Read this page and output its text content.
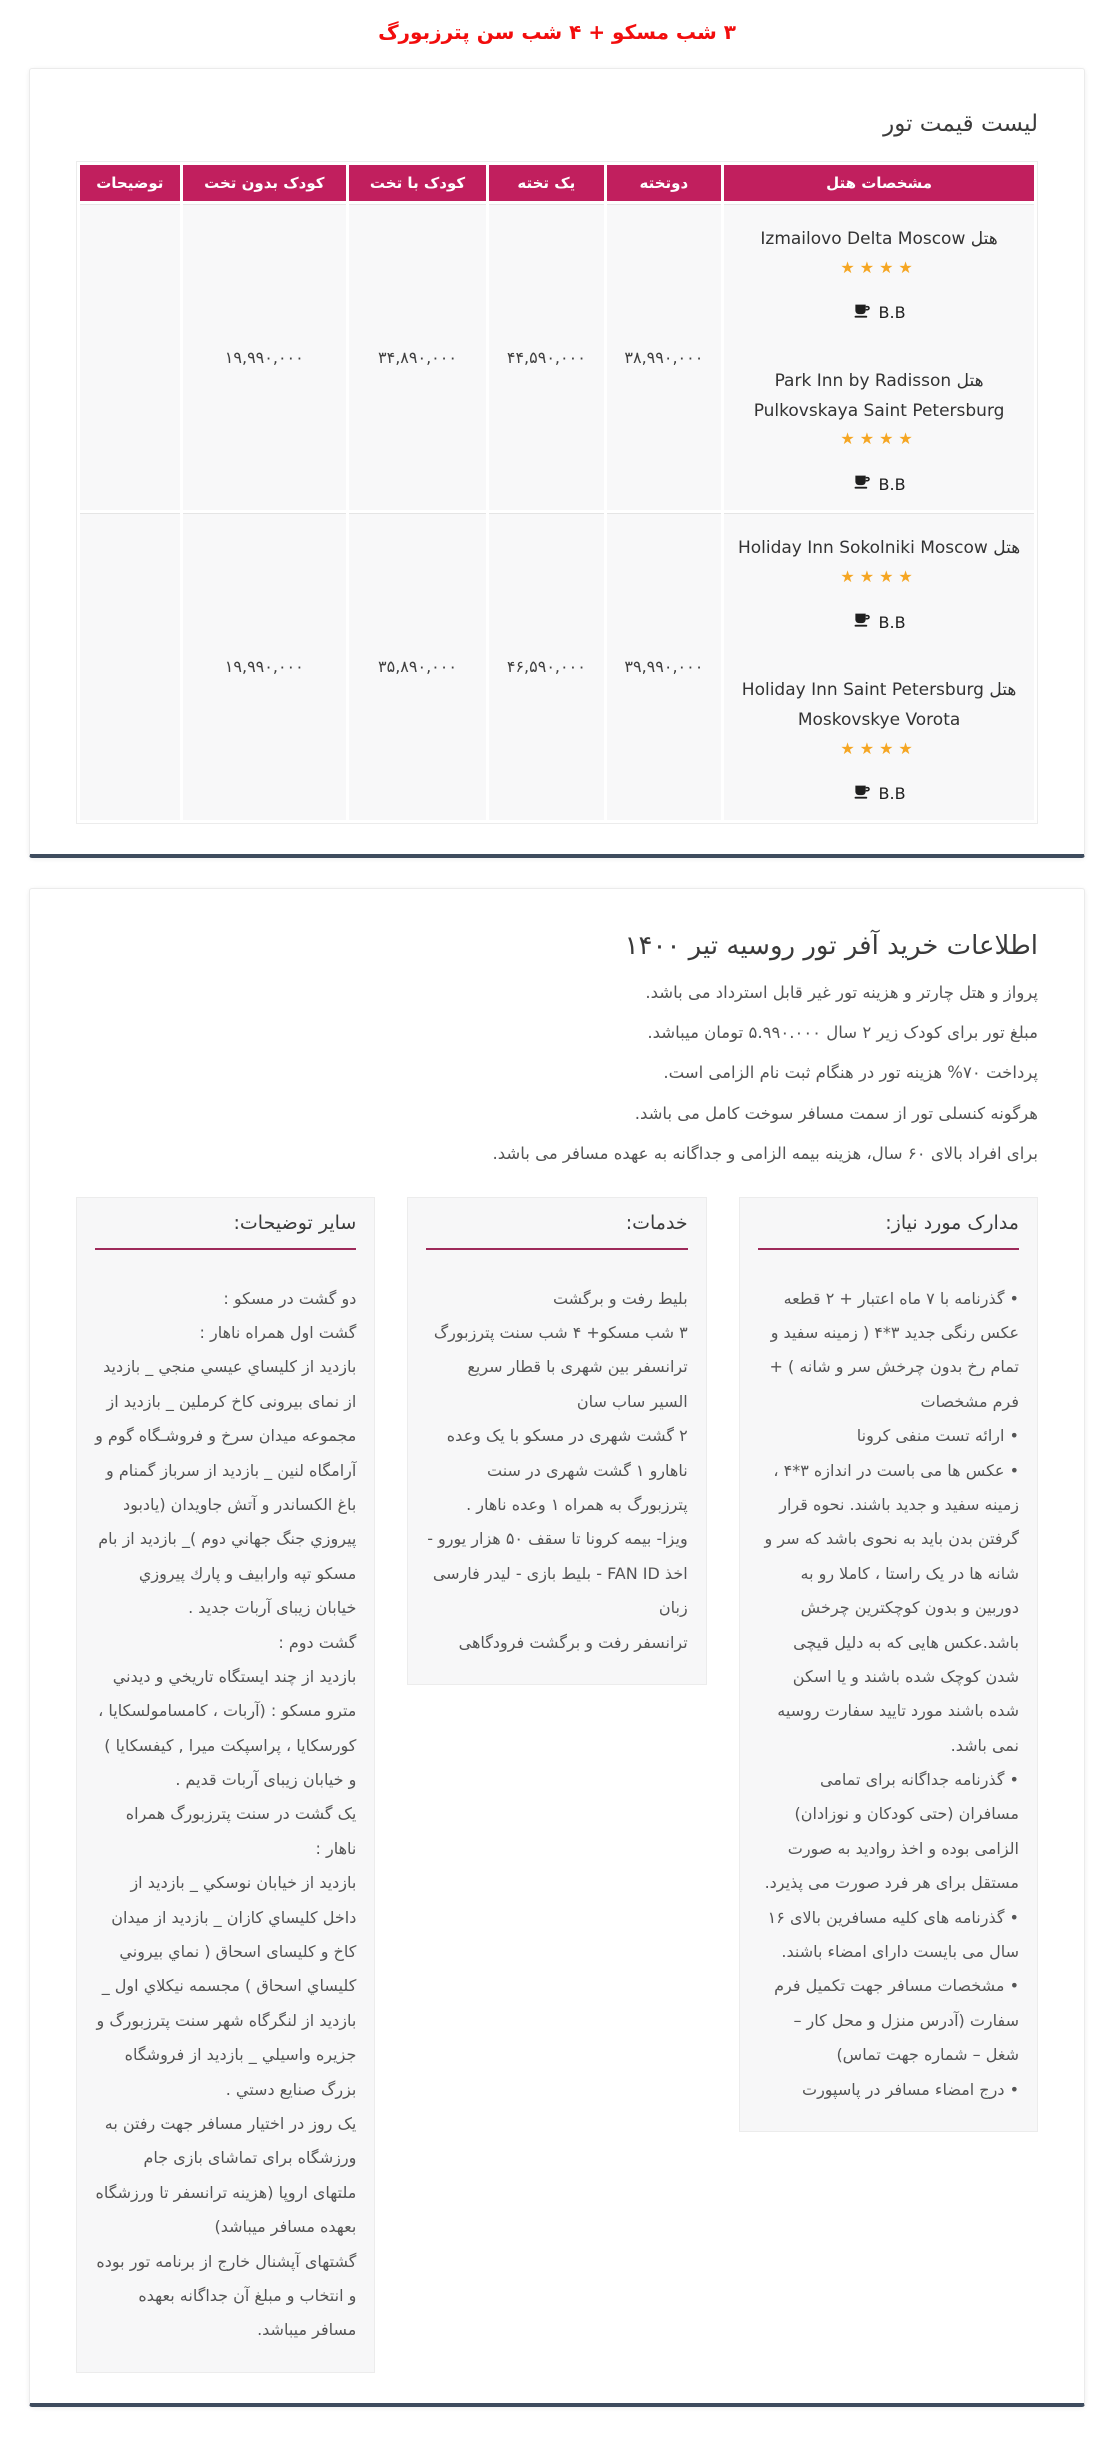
۳ شب مسکو + ۴ شب سن پترزبورگ
لیست قیمت تور
مشخصات هتل	دوتخته	یک تخته	کودک با تخت	کودک بدون تخت	توضیحات

هتل Izmailovo Delta Moscow
★★★★
B.B
هتل Park Inn by Radisson Pulkovskaya Saint Petersburg
★★★★
B.B
	۳۸,۹۹۰,۰۰۰	۴۴,۵۹۰,۰۰۰	۳۴,۸۹۰,۰۰۰	۱۹,۹۹۰,۰۰۰	

هتل Holiday Inn Sokolniki Moscow
★★★★
B.B
هتل Holiday Inn Saint Petersburg Moskovskye Vorota
★★★★
B.B
	۳۹,۹۹۰,۰۰۰	۴۶,۵۹۰,۰۰۰	۳۵,۸۹۰,۰۰۰	۱۹,۹۹۰,۰۰۰	
اطلاعات خرید آفر تور روسیه تیر ۱۴۰۰
پرواز و هتل چارتر و هزینه تور غیر قابل استرداد می باشد.
مبلغ تور برای کودک زیر ۲ سال ۵.۹۹۰.۰۰۰ تومان میباشد.
پرداخت ۷۰% هزینه تور در هنگام ثبت نام الزامی است.
هرگونه کنسلی تور از سمت مسافر سوخت کامل می باشد.
برای افراد بالای ۶۰ سال، هزینه بیمه الزامی و جداگانه به عهده مسافر می باشد.
مدارک مورد نیاز:
• گذرنامه با ۷ ماه اعتبار + ۲ قطعه عکس رنگی جدید ۳*۴ ( زمینه سفید و تمام رخ بدون چرخش سر و شانه ) + فرم مشخصات
• ارائه تست منفی کرونا
• عکس ها می باست در اندازه ۳*۴ ، زمینه سفید و جدید باشند. نحوه قرار گرفتن بدن باید به نحوی باشد که سر و شانه ها در یک راستا ، کاملا رو به دوربین و بدون کوچکترین چرخش باشد.عکس هایی که به دلیل قیچی شدن کوچک شده باشند و یا اسکن شده باشند مورد تایید سفارت روسیه نمی باشد.
• گذرنامه جداگانه برای تمامی مسافران (حتی کودکان و نوزادان) الزامی بوده و اخذ روادید به صورت مستقل برای هر فرد صورت می پذیرد.
• گذرنامه های کلیه مسافرین بالای ۱۶ سال می بایست دارای امضاء باشند.
• مشخصات مسافر جهت تکمیل فرم سفارت (آدرس منزل و محل کار – شغل – شماره جهت تماس)
• درج امضاء مسافر در پاسپورت
خدمات:
بلیط رفت و برگشت
۳ شب مسکو+ ۴ شب سنت پترزبورگ
ترانسفر بین شهری با قطار سریع السیر ساب سان
۲ گشت شهری در مسکو با یک وعده ناهارو ۱ گشت شهری در سنت پترزبورگ به همراه ۱ وعده ناهار .
ویزا- بیمه کرونا تا سقف ۵۰ هزار یورو - اخذ FAN ID - بلیط بازی - لیدر فارسی زبان
ترانسفر رفت و برگشت فرودگاهی
سایر توضیحات:
دو گشت در مسکو :
گشت اول همراه ناهار :
بازدید از کلیساي عیسي منجي _ بازدید از نمای بیرونی کاخ کرملین _ بازدید از مجموعه میدان سرخ و فروشـگاه گوم و آرامگاه لنین _ بازدید از سرباز گمنام و باغ الکساندر و آتش جاویدان (یادبود پیروزي جنگ جهاني دوم )_ بازدید از بام مسکو تپه وارابیف و پارك پیروزي خیابان زیبای آربات جدید .
گشت دوم :
بازدید از چند ایستگاه تاریخي و دیدني مترو مسکو : (آربات ، کامسامولسکایا ، کورسکایا ، پراسپکت میرا , کیفسکایا ) و خیابان زیبای آربات قدیم .
یک گشت در سنت پترزبورگ همراه ناهار :
بازدید از خیابان نوسکي _ بازدید از داخل کلیساي کازان _ بازدید از میدان کاخ و کلیسای اسحاق ( نماي بیروني کلیساي اسحاق ) مجسمه نیکلاي اول _ بازدید از لنگرگاه شهر سنت پترزبورگ و جزیره واسیلي _ بازدید از فروشگاه بزرگ صنایع دستي .
یک روز در اختیار مسافر جهت رفتن به ورزشگاه برای تماشای بازی جام ملتهای اروپا (هزینه ترانسفر تا ورزشگاه بعهده مسافر میباشد)
گشتهای آپشنال خارج از برنامه تور بوده و انتخاب و مبلغ آن جداگانه بعهده مسافر میباشد.
